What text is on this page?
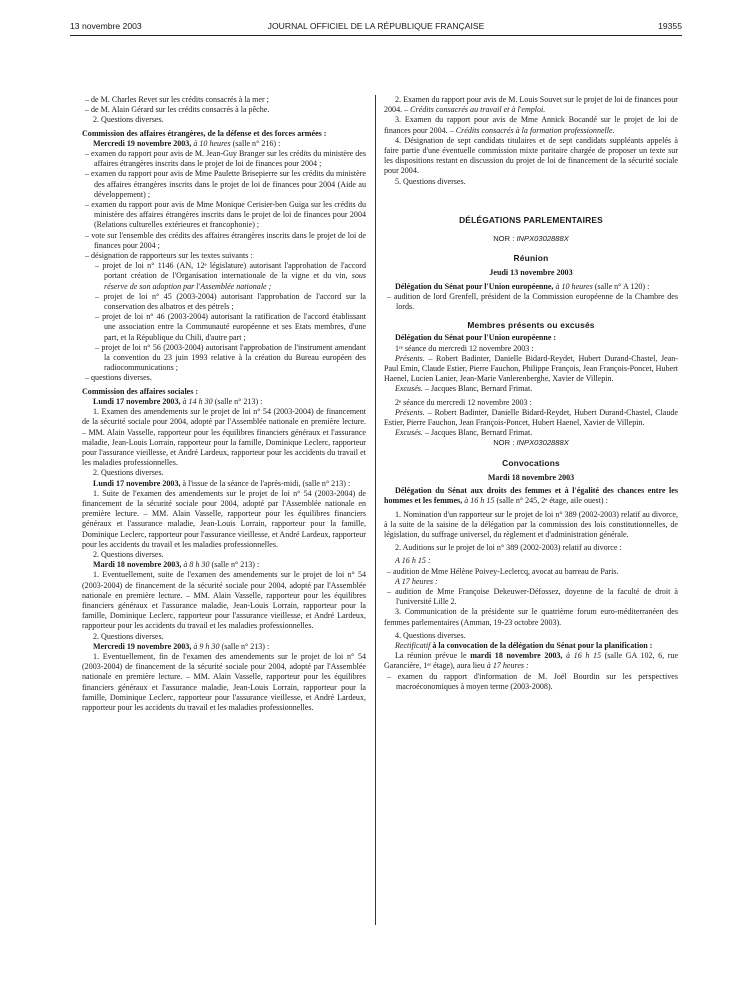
13 novembre 2003	JOURNAL OFFICIEL DE LA RÉPUBLIQUE FRANÇAISE	19355

– de M. Charles Revet sur les crédits consacrés à la mer ;

– de M. Alain Gérard sur les crédits consacrés à la pêche.

2. Questions diverses.

Commission des affaires étrangères, de la défense et des forces armées :

Mercredi 19 novembre 2003, à 10 heures (salle n° 216) :

– examen du rapport pour avis de M. Jean-Guy Branger sur les crédits du ministère des affaires étrangères inscrits dans le projet de loi de finances pour 2004 ;

– examen du rapport pour avis de Mme Paulette Brisepierre sur les crédits du ministère des affaires étrangères inscrits dans le projet de loi de finances pour 2004 (Aide au développement) ;

– examen du rapport pour avis de Mme Monique Cerisier-ben Guiga sur les crédits du ministère des affaires étrangères inscrits dans le projet de loi de finances pour 2004 (Relations culturelles extérieures et francophonie) ;

– vote sur l'ensemble des crédits des affaires étrangères inscrits dans le projet de loi de finances pour 2004 ;

– désignation de rapporteurs sur les textes suivants :

– projet de loi n° 1146 (AN, 12ᵉ législature) autorisant l'approbation de l'accord portant création de l'Organisation internationale de la vigne et du vin, sous réserve de son adoption par l'Assemblée nationale ;

– projet de loi n° 45 (2003-2004) autorisant l'approbation de l'accord sur la conservation des albatros et des pétrels ;

– projet de loi n° 46 (2003-2004) autorisant la ratification de l'accord établissant une association entre la Communauté européenne et ses Etats membres, d'une part, et la République du Chili, d'autre part ;

– projet de loi n° 56 (2003-2004) autorisant l'approbation de l'instrument amendant la convention du 23 juin 1993 relative à la création du Bureau européen des radiocommunications ;

– questions diverses.

Commission des affaires sociales :

Lundi 17 novembre 2003, à 14 h 30 (salle n° 213) :

1. Examen des amendements sur le projet de loi n° 54 (2003-2004) de financement de la sécurité sociale pour 2004, adopté par l'Assemblée nationale en première lecture. – MM. Alain Vasselle, rapporteur pour les équilibres financiers généraux et l'assurance maladie, Jean-Louis Lorrain, rapporteur pour la famille, Dominique Leclerc, rapporteur pour l'assurance vieillesse, et André Lardeux, rapporteur pour les accidents du travail et les maladies professionnelles.

2. Questions diverses.

Lundi 17 novembre 2003, à l'issue de la séance de l'après-midi, (salle n° 213) :

1. Suite de l'examen des amendements sur le projet de loi n° 54 (2003-2004) de financement de la sécurité sociale pour 2004, adopté par l'Assemblée nationale en première lecture. – MM. Alain Vasselle, rapporteur pour les équilibres financiers généraux et l'assurance maladie, Jean-Louis Lorrain, rapporteur pour la famille, Dominique Leclerc, rapporteur pour l'assurance vieillesse, et André Lardeux, rapporteur pour les accidents du travail et les maladies professionnelles.

2. Questions diverses.

Mardi 18 novembre 2003, à 8 h 30 (salle n° 213) :

1. Eventuellement, suite de l'examen des amendements sur le projet de loi n° 54 (2003-2004) de financement de la sécurité sociale pour 2004, adopté par l'Assemblée nationale en première lecture. – MM. Alain Vasselle, rapporteur pour les équilibres financiers généraux et l'assurance maladie, Jean-Louis Lorrain, rapporteur pour la famille, Dominique Leclerc, rapporteur pour l'assurance vieillesse, et André Lardeux, rapporteur pour les accidents du travail et les maladies professionnelles.

2. Questions diverses.

Mercredi 19 novembre 2003, à 9 h 30 (salle n° 213) :

1. Eventuellement, fin de l'examen des amendements sur le projet de loi n° 54 (2003-2004) de financement de la sécurité sociale pour 2004, adopté par l'Assemblée nationale en première lecture. – MM. Alain Vasselle, rapporteur pour les équilibres financiers généraux et l'assurance maladie, Jean-Louis Lorrain, rapporteur pour la famille, Dominique Leclerc, rapporteur pour l'assurance vieillesse, et André Lardeux, rapporteur pour les accidents du travail et les maladies professionnelles.

2. Examen du rapport pour avis de M. Louis Souvet sur le projet de loi de finances pour 2004. – Crédits consacrés au travail et à l'emploi.

3. Examen du rapport pour avis de Mme Annick Bocandé sur le projet de loi de finances pour 2004. – Crédits consacrés à la formation professionnelle.

4. Désignation de sept candidats titulaires et de sept candidats suppléants appelés à faire partie d'une éventuelle commission mixte paritaire chargée de proposer un texte sur les dispositions restant en discussion du projet de loi de financement de la sécurité sociale pour 2004.

5. Questions diverses.

DÉLÉGATIONS PARLEMENTAIRES

NOR : INPX0302888X

Réunion

Jeudi 13 novembre 2003

Délégation du Sénat pour l'Union européenne, à 10 heures (salle n° A 120) :

– audition de lord Grenfell, président de la Commission européenne de la Chambre des lords.

Membres présents ou excusés

Délégation du Sénat pour l'Union européenne :

1ʳᵉ séance du mercredi 12 novembre 2003 :

Présents. – Robert Badinter, Danielle Bidard-Reydet, Hubert Durand-Chastel, Jean-Paul Emin, Claude Estier, Pierre Fauchon, Philippe François, Jean François-Poncet, Hubert Haenel, Lucien Lanier, Jean-Marie Vanlerenberghe, Xavier de Villepin.

Excusés. – Jacques Blanc, Bernard Frimat.

2ᵉ séance du mercredi 12 novembre 2003 :

Présents. – Robert Badinter, Danielle Bidard-Reydet, Hubert Durand-Chastel, Claude Estier, Pierre Fauchon, Jean François-Poncet, Hubert Haenel, Xavier de Villepin.

Excusés. – Jacques Blanc, Bernard Frimat.

NOR : INPX0302888X

Convocations

Mardi 18 novembre 2003

Délégation du Sénat aux droits des femmes et à l'égalité des chances entre les hommes et les femmes, à 16 h 15 (salle n° 245, 2ᵉ étage, aile ouest) :

1. Nomination d'un rapporteur sur le projet de loi n° 389 (2002-2003) relatif au divorce, à la suite de la saisine de la délégation par la commission des lois constitutionnelles, de législation, du suffrage universel, du règlement et d'administration générale.

2. Auditions sur le projet de loi n° 389 (2002-2003) relatif au divorce :

A 16 h 15 :

– audition de Mme Hélène Poivey-Leclercq, avocat au barreau de Paris.

A 17 heures :

– audition de Mme Françoise Dekeuwer-Défossez, doyenne de la faculté de droit à l'université Lille 2.

3. Communication de la présidente sur le quatrième forum euro-méditerranéen des femmes parlementaires (Amman, 19-23 octobre 2003).

4. Questions diverses.

Rectificatif à la convocation de la délégation du Sénat pour la planification :

La réunion prévue le mardi 18 novembre 2003, à 16 h 15 (salle GA 102, 6, rue Garancière, 1ᵉʳ étage), aura lieu à 17 heures :

– examen du rapport d'information de M. Joël Bourdin sur les perspectives macroéconomiques à moyen terme (2003-2008).
